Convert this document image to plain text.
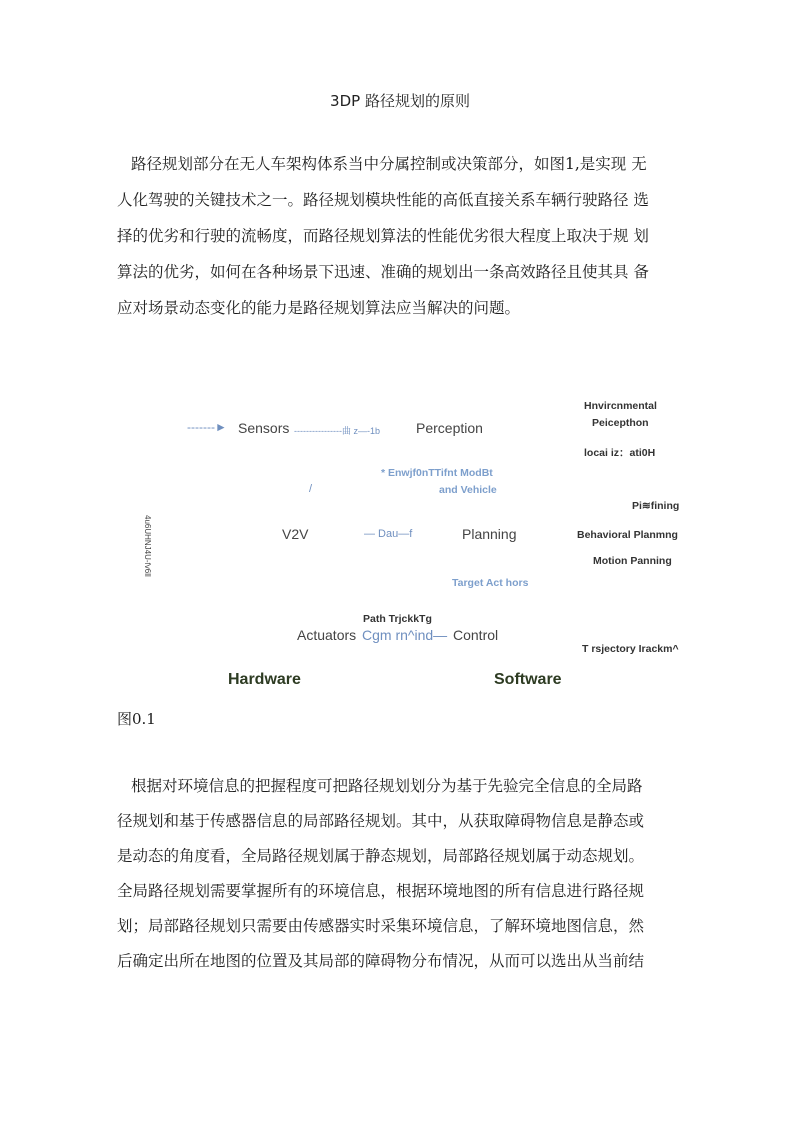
3DP 路径规划的原则
路径规划部分在无人车架构体系当中分属控制或决策部分，如图1,是实现 无
人化驾驶的关键技术之一。路径规划模块性能的高低直接关系车辆行驶路径 选
择的优劣和行驶的流畅度，而路径规划算法的性能优劣很大程度上取决于规 划
算法的优劣，如何在各种场景下迅速、准确的规划出一条高效路径且使其具 备
应对场景动态变化的能力是路径规划算法应当解决的问题。
-------► Sensors ----------------曲 z—-1b	Perception
Hnvircnmental
Peicepthon
locai iz：ati0H
* Enwjf0nTTifnt ModBt
and Vehicle
/
4u6UHNJ4U-fv6ll
Pi≋fining
V2V	— Dau—f	Planning	Behavioral Planmng
Motion Panning
Target Act hors
Path TrjckkTg
Actuators Cgm rn^ind— Control
T rsjectory Irackm^
Hardware	Software
图0.1
根据对环境信息的把握程度可把路径规划划分为基于先验完全信息的全局路
径规划和基于传感器信息的局部路径规划。其中，从获取障碍物信息是静态或
是动态的角度看，全局路径规划属于静态规划，局部路径规划属于动态规划。
全局路径规划需要掌握所有的环境信息，根据环境地图的所有信息进行路径规
划；局部路径规划只需要由传感器实时采集环境信息，了解环境地图信息，然
后确定出所在地图的位置及其局部的障碍物分布情况，从而可以选出从当前结
